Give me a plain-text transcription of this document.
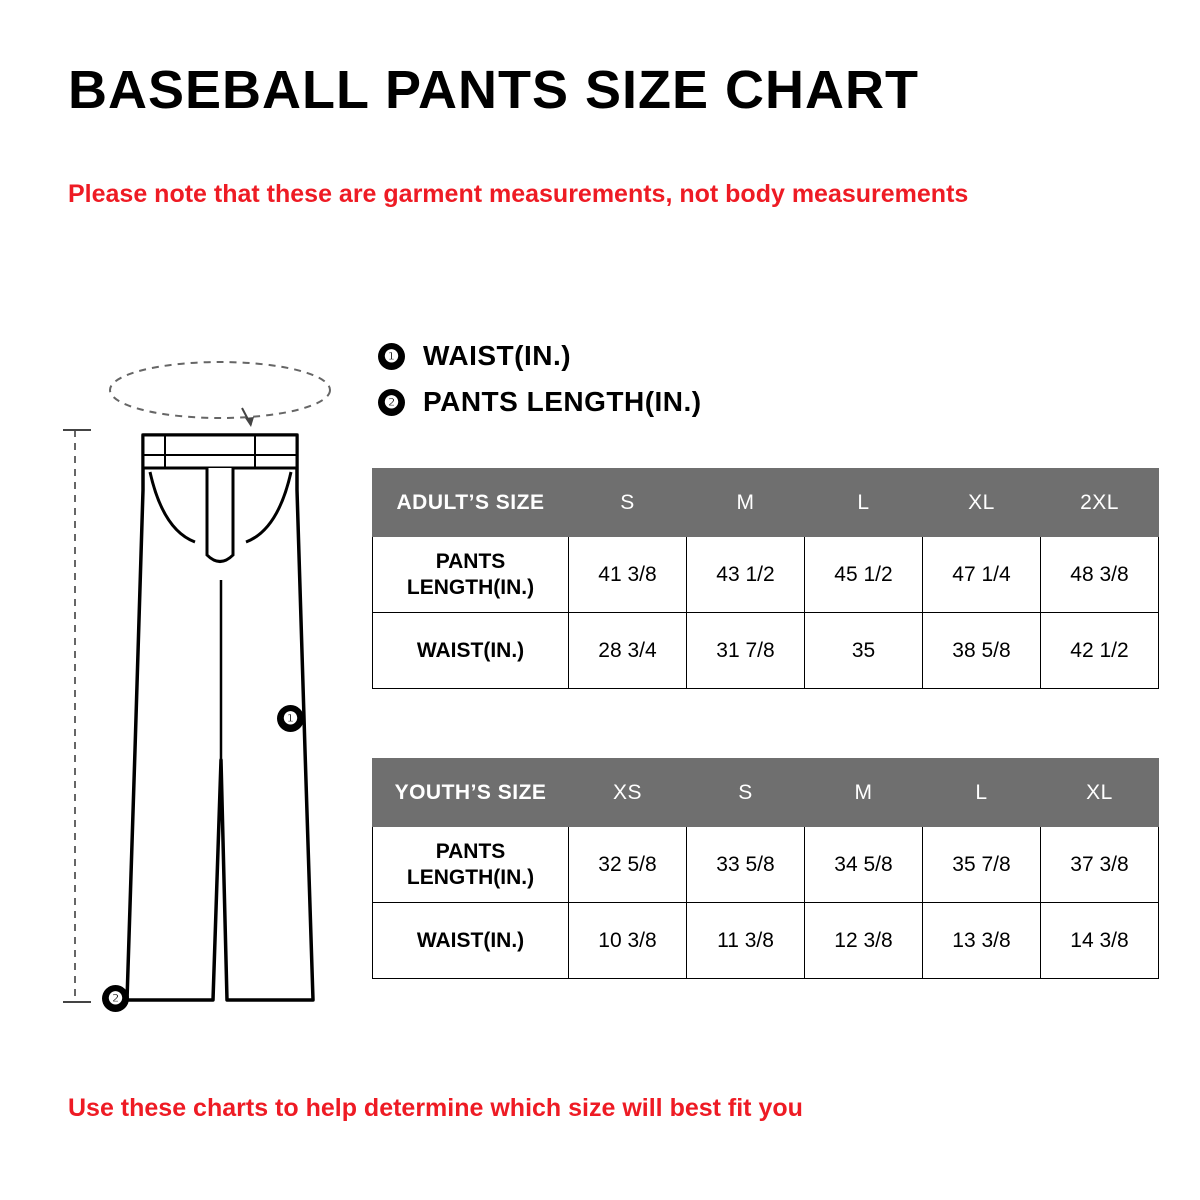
BASEBALL PANTS SIZE CHART
Please note that these are garment measurements, not body measurements
❶ WAIST(IN.)
❷ PANTS LENGTH(IN.)
❶
❷
ADULT’S SIZE	S	M	L	XL	2XL
PANTS LENGTH(IN.)	41 3/8	43 1/2	45 1/2	47 1/4	48 3/8
WAIST(IN.)	28 3/4	31 7/8	35	38 5/8	42 1/2
YOUTH’S SIZE	XS	S	M	L	XL
PANTS LENGTH(IN.)	32 5/8	33 5/8	34 5/8	35 7/8	37 3/8
WAIST(IN.)	10 3/8	11 3/8	12 3/8	13 3/8	14 3/8
Use these charts to help determine which size will best fit you
